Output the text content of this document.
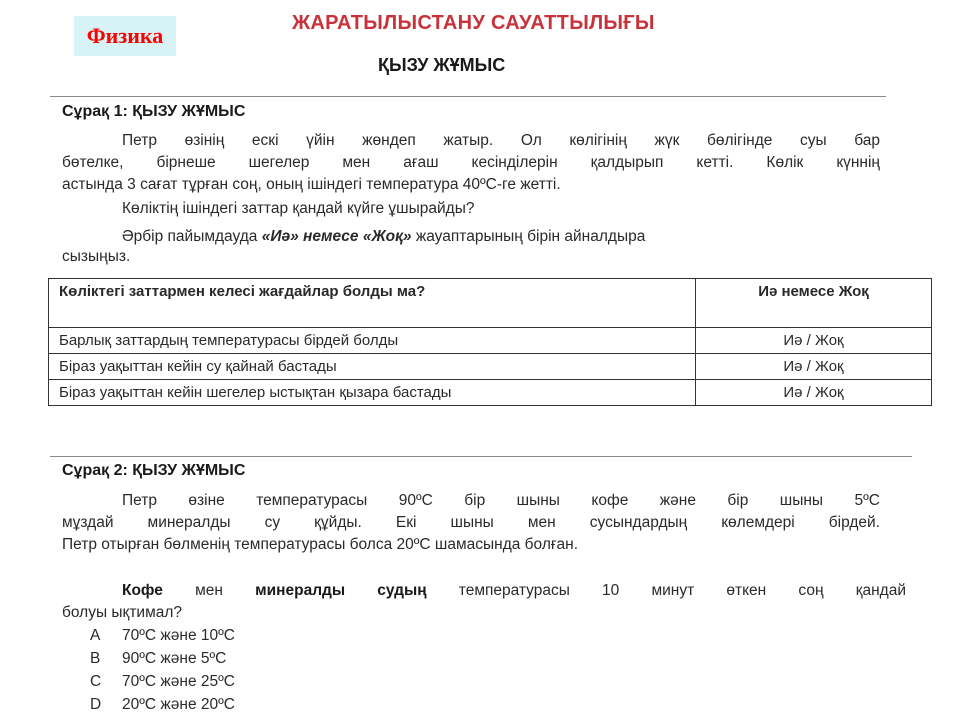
Физика	ЖАРАТЫЛЫСТАНУ САУАТТЫЛЫҒЫ
ҚЫЗУ ЖҰМЫС
Сұрақ 1: ҚЫЗУ ЖҰМЫС
Петр өзінің ескі үйін жөндеп жатыр. Ол көлігінің жүк бөлігінде суы бар
бөтелке, бірнеше шегелер мен ағаш кесінділерін қалдырып кетті. Көлік күннің
астында 3 сағат тұрған соң, оның ішіндегі температура 40ºС-ге жетті.
Көліктің ішіндегі заттар қандай күйге ұшырайды?
Әрбір пайымдауда «Иә» немесе «Жоқ» жауаптарының бірін айналдыра
сызыңыз.
Көліктегі заттармен келесі жағдайлар болды ма?	Иә немесе Жоқ
Барлық заттардың температурасы бірдей болды	Иә / Жоқ
Біраз уақыттан кейін су қайнай бастады	Иә / Жоқ
Біраз уақыттан кейін шегелер ыстықтан қызара бастады	Иә / Жоқ
Сұрақ 2: ҚЫЗУ ЖҰМЫС
Петр өзіне температурасы 90ºС бір шыны кофе және бір шыны 5ºС
мұздай минералды су құйды. Екі шыны мен сусындардың көлемдері бірдей.
Петр отырған бөлменің температурасы болса 20ºС шамасында болған.
Кофе мен минералды судың температурасы 10 минут өткен соң қандай
болуы ықтимал?
A 70ºС және 10ºС
B 90ºС және 5ºС
C 70ºС және 25ºС
D 20ºС және 20ºС
